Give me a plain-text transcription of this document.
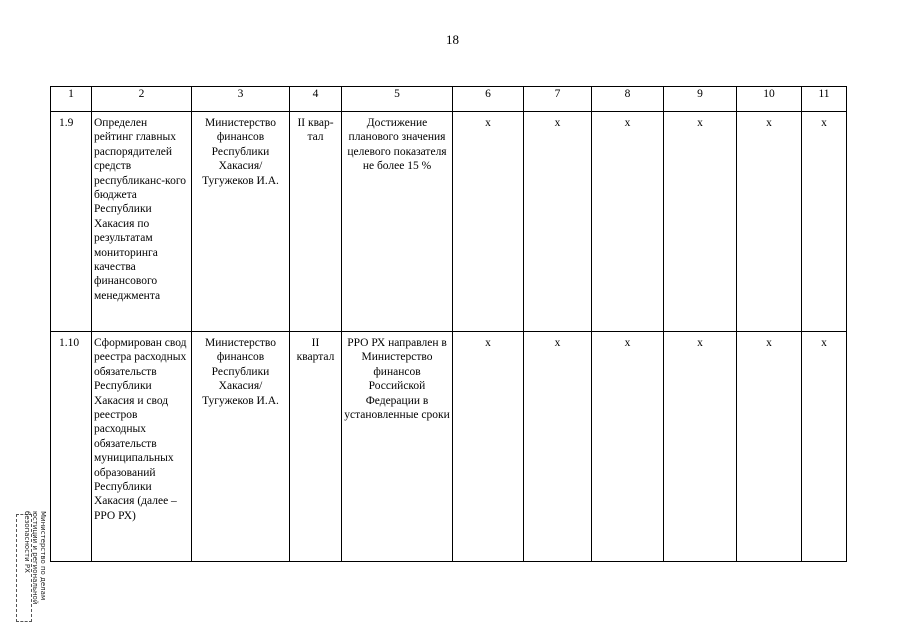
18
1	2	3	4	5	6	7	8	9	10	11
1.9	Определен рейтинг главных распорядителей средств республиканс-кого бюджета Республики Хакасия по результатам мониторинга качества финансового менеджмента	Министерство финансов Республики Хакасия/ Тугужеков И.А.	II квар-тал	Достижение планового значения целевого показателя не более 15 %	x	x	x	x	x	x
1.10	Сформирован свод реестра расходных обязательств Республики Хакасия и свод реестров расходных обязательств муниципальных образований Республики Хакасия (далее – РРО РХ)	Министерство финансов Республики Хакасия/ Тугужеков И.А.	II квартал	РРО РХ направлен в Министерство финансов Российской Федерации в установленные сроки	x	x	x	x	x	x
Министерство по делам
юстиции и региональной
безопасности РХ
